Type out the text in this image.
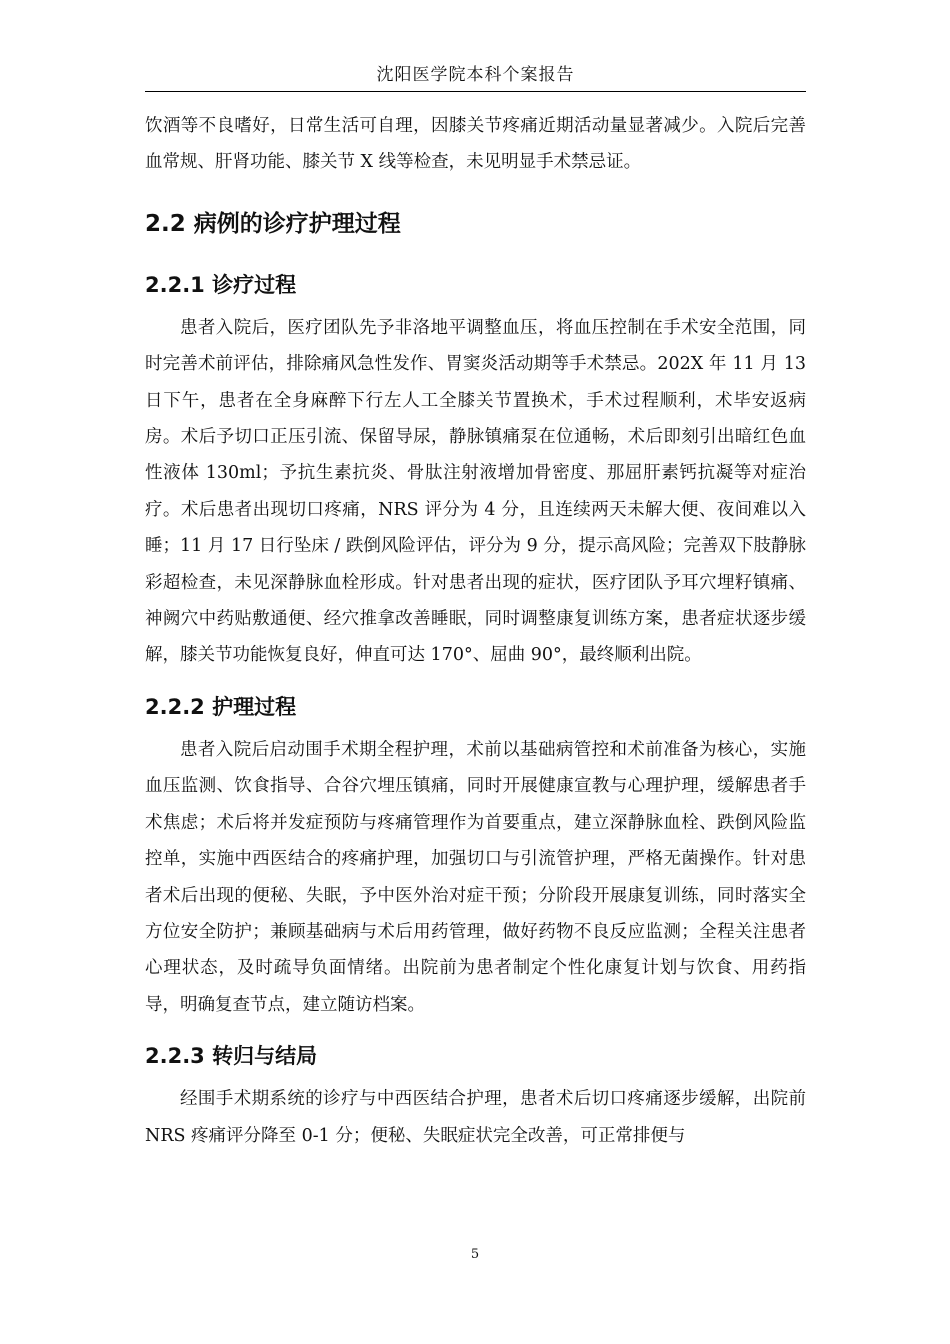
沈阳医学院本科个案报告

饮酒等不良嗜好，日常生活可自理，因膝关节疼痛近期活动量显著减少。入院后完善血常规、肝肾功能、膝关节 X 线等检查，未见明显手术禁忌证。

2.2 病例的诊疗护理过程
2.2.1 诊疗过程

患者入院后，医疗团队先予非洛地平调整血压，将血压控制在手术安全范围，同时完善术前评估，排除痛风急性发作、胃窦炎活动期等手术禁忌。202X 年 11 月 13 日下午，患者在全身麻醉下行左人工全膝关节置换术，手术过程顺利，术毕安返病房。术后予切口正压引流、保留导尿，静脉镇痛泵在位通畅，术后即刻引出暗红色血性液体 130ml；予抗生素抗炎、骨肽注射液增加骨密度、那屈肝素钙抗凝等对症治疗。术后患者出现切口疼痛，NRS 评分为 4 分，且连续两天未解大便、夜间难以入睡；11 月 17 日行坠床 / 跌倒风险评估，评分为 9 分，提示高风险；完善双下肢静脉彩超检查，未见深静脉血栓形成。针对患者出现的症状，医疗团队予耳穴埋籽镇痛、神阙穴中药贴敷通便、经穴推拿改善睡眠，同时调整康复训练方案，患者症状逐步缓解，膝关节功能恢复良好，伸直可达 170°、屈曲 90°，最终顺利出院。

2.2.2 护理过程

患者入院后启动围手术期全程护理，术前以基础病管控和术前准备为核心，实施血压监测、饮食指导、合谷穴埋压镇痛，同时开展健康宣教与心理护理，缓解患者手术焦虑；术后将并发症预防与疼痛管理作为首要重点，建立深静脉血栓、跌倒风险监控单，实施中西医结合的疼痛护理，加强切口与引流管护理，严格无菌操作。针对患者术后出现的便秘、失眠，予中医外治对症干预；分阶段开展康复训练，同时落实全方位安全防护；兼顾基础病与术后用药管理，做好药物不良反应监测；全程关注患者心理状态，及时疏导负面情绪。出院前为患者制定个性化康复计划与饮食、用药指导，明确复查节点，建立随访档案。

2.2.3 转归与结局

经围手术期系统的诊疗与中西医结合护理，患者术后切口疼痛逐步缓解，出院前 NRS 疼痛评分降至 0-1 分；便秘、失眠症状完全改善，可正常排便与

5
